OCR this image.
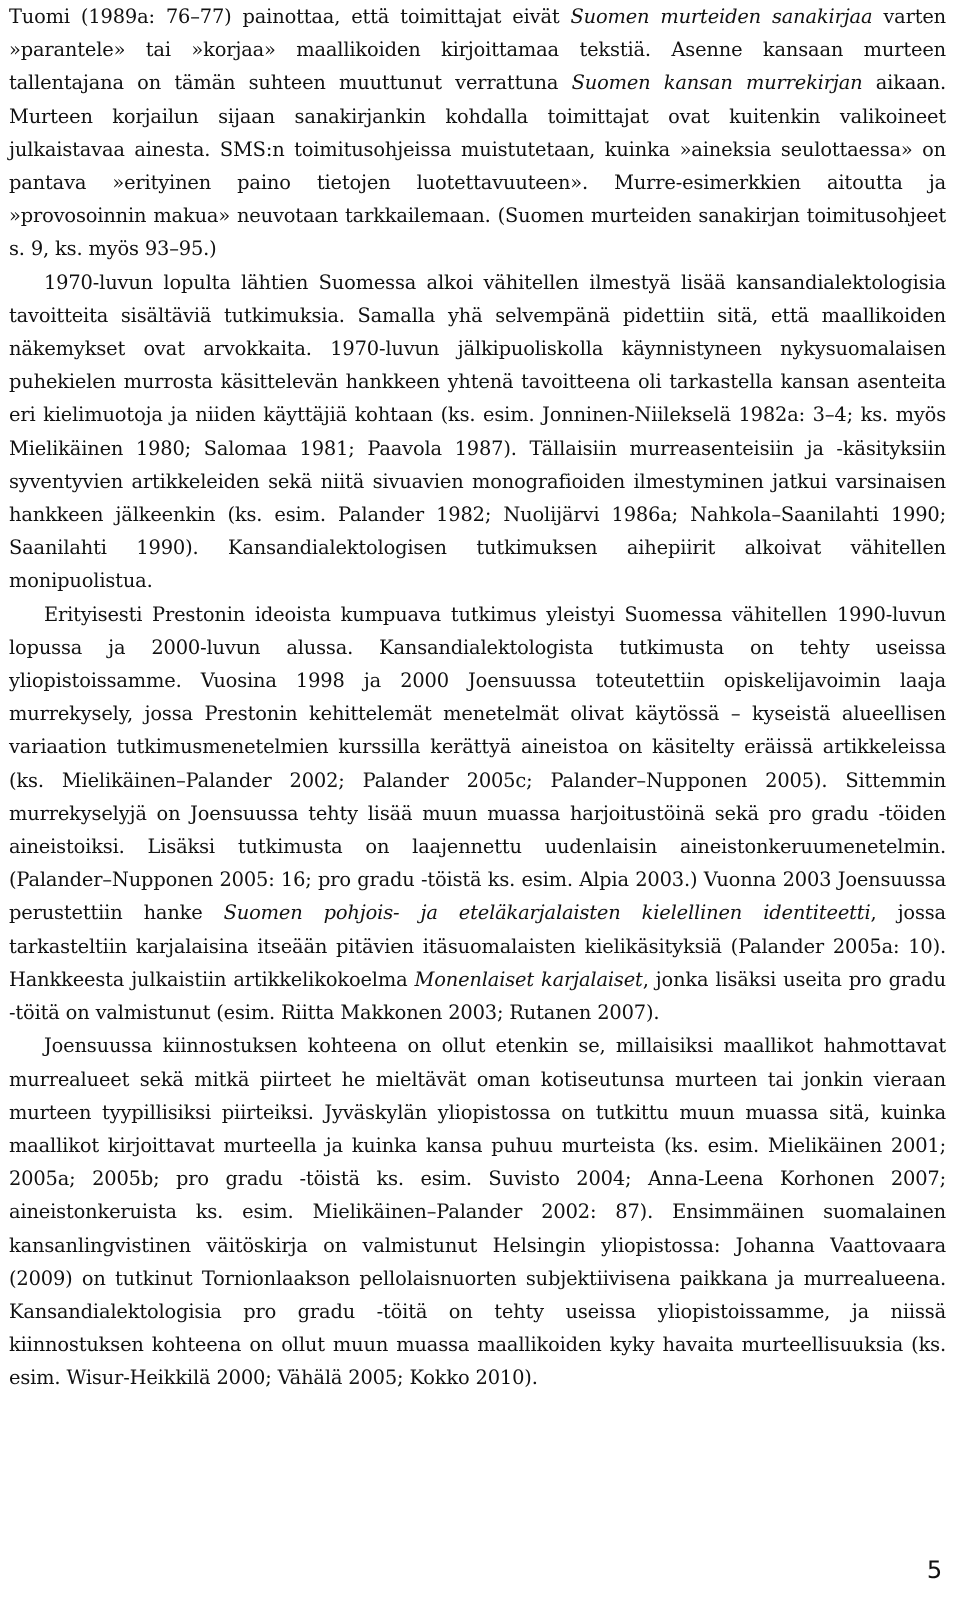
Tuomi (1989a: 76–77) painottaa, että toimittajat eivät Suomen murteiden sanakirjaa varten »parantele» tai »korjaa» maallikoiden kirjoittamaa tekstiä. Asenne kansaan murteen tallentajana on tämän suhteen muuttunut verrattuna Suomen kansan murrekirjan aikaan. Murteen korjailun sijaan sanakirjankin kohdalla toimittajat ovat kuitenkin valikoineet julkaistavaa ainesta. SMS:n toimitusohjeissa muistutetaan, kuinka »aineksia seulottaessa» on pantava »erityinen paino tietojen luotettavuuteen». Murre-esimerkkien aitoutta ja »provosoinnin makua» neuvotaan tarkkailemaan. (Suomen murteiden sanakirjan toimitusohjeet s. 9, ks. myös 93–95.)

1970-luvun lopulta lähtien Suomessa alkoi vähitellen ilmestyä lisää kansandialektologisia tavoitteita sisältäviä tutkimuksia. Samalla yhä selvempänä pidettiin sitä, että maallikoiden näkemykset ovat arvokkaita. 1970-luvun jälkipuoliskolla käynnistyneen nykysuomalaisen puhekielen murrosta käsittelevän hankkeen yhtenä tavoitteena oli tarkastella kansan asenteita eri kielimuotoja ja niiden käyttäjiä kohtaan (ks. esim. Jonninen-Niilekselä 1982a: 3–4; ks. myös Mielikäinen 1980; Salomaa 1981; Paavola 1987). Tällaisiin murreasenteisiin ja -käsityksiin syventyvien artikkeleiden sekä niitä sivuavien monografioiden ilmestyminen jatkui varsinaisen hankkeen jälkeenkin (ks. esim. Palander 1982; Nuolijärvi 1986a; Nahkola–Saanilahti 1990; Saanilahti 1990). Kansandialektologisen tutkimuksen aihepiirit alkoivat vähitellen monipuolistua.

Erityisesti Prestonin ideoista kumpuava tutkimus yleistyi Suomessa vähitellen 1990-luvun lopussa ja 2000-luvun alussa. Kansandialektologista tutkimusta on tehty useissa yliopistoissamme. Vuosina 1998 ja 2000 Joensuussa toteutettiin opiskelijavoimin laaja murrekysely, jossa Prestonin kehittelemät menetelmät olivat käytössä – kyseistä alueellisen variaation tutkimusmenetelmien kurssilla kerättyä aineistoa on käsitelty eräissä artikkeleissa (ks. Mielikäinen–Palander 2002; Palander 2005c; Palander–Nupponen 2005). Sittemmin murrekyselyjä on Joensuussa tehty lisää muun muassa harjoitustöinä sekä pro gradu -töiden aineistoiksi. Lisäksi tutkimusta on laajennettu uudenlaisin aineistonkeruumenetelmin. (Palander–Nupponen 2005: 16; pro gradu -töistä ks. esim. Alpia 2003.) Vuonna 2003 Joensuussa perustettiin hanke Suomen pohjois- ja eteläkarjalaisten kielellinen identiteetti, jossa tarkasteltiin karjalaisina itseään pitävien itäsuomalaisten kielikäsityksiä (Palander 2005a: 10). Hankkeesta julkaistiin artikkelikokoelma Monenlaiset karjalaiset, jonka lisäksi useita pro gradu -töitä on valmistunut (esim. Riitta Makkonen 2003; Rutanen 2007).

Joensuussa kiinnostuksen kohteena on ollut etenkin se, millaisiksi maallikot hahmottavat murrealueet sekä mitkä piirteet he mieltävät oman kotiseutunsa murteen tai jonkin vieraan murteen tyypillisiksi piirteiksi. Jyväskylän yliopistossa on tutkittu muun muassa sitä, kuinka maallikot kirjoittavat murteella ja kuinka kansa puhuu murteista (ks. esim. Mielikäinen 2001; 2005a; 2005b; pro gradu -töistä ks. esim. Suvisto 2004; Anna-Leena Korhonen 2007; aineistonkeruista ks. esim. Mielikäinen–Palander 2002: 87). Ensimmäinen suomalainen kansanlingvistinen väitöskirja on valmistunut Helsingin yliopistossa: Johanna Vaattovaara (2009) on tutkinut Tornionlaakson pellolaisnuorten subjektiivisena paikkana ja murrealueena. Kansandialektologisia pro gradu -töitä on tehty useissa yliopistoissamme, ja niissä kiinnostuksen kohteena on ollut muun muassa maallikoiden kyky havaita murteellisuuksia (ks. esim. Wisur-Heikkilä 2000; Vähälä 2005; Kokko 2010).

5
